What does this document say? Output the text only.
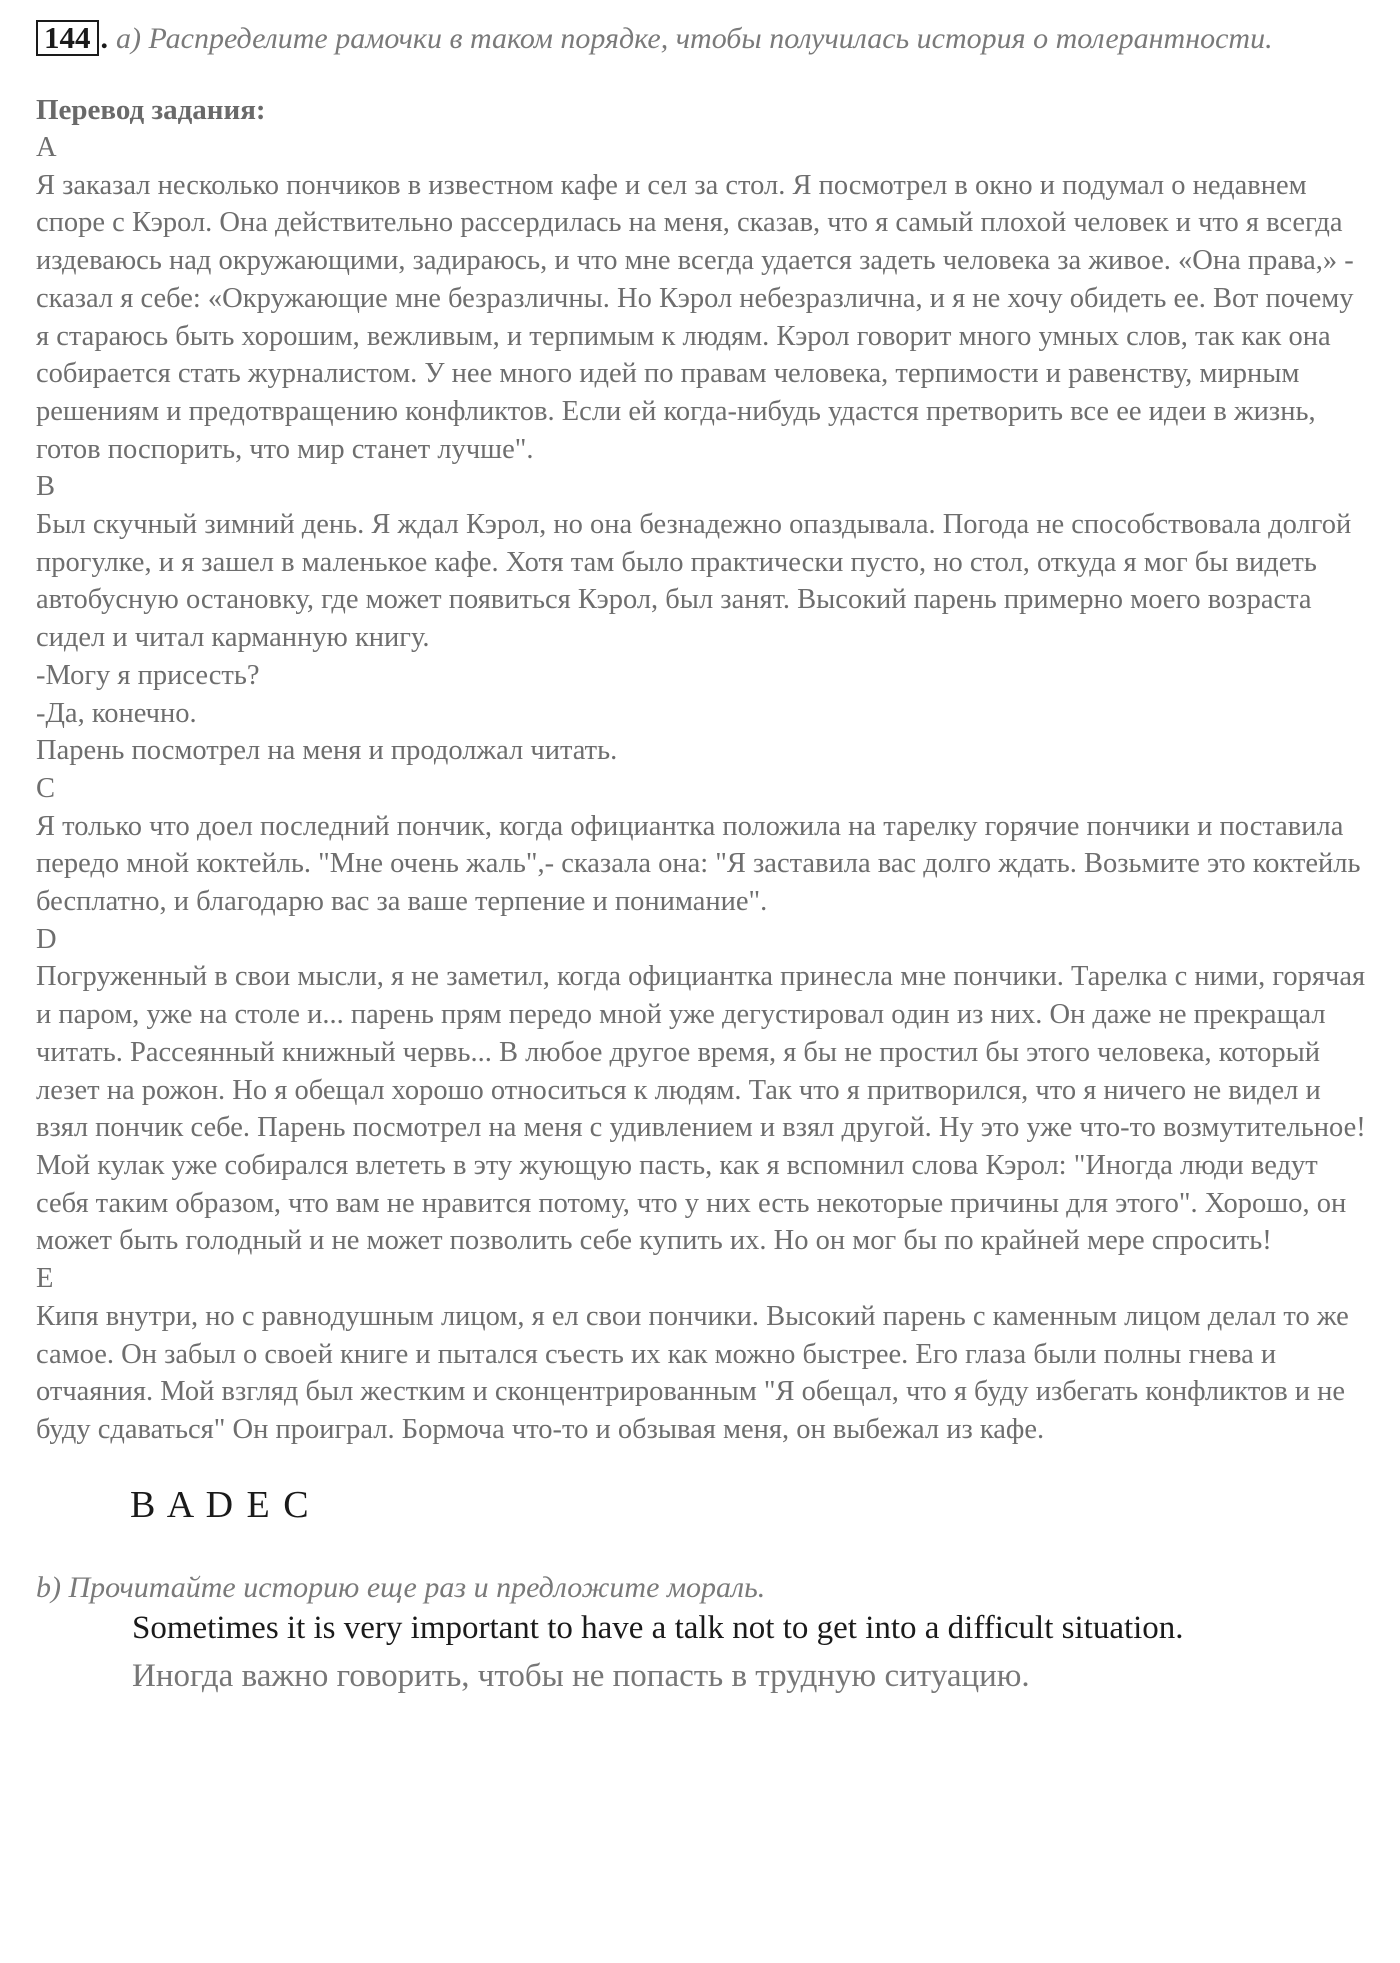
144 . a) Распределите рамочки в таком порядке, чтобы получилась история о толерантности.

Перевод задания:

A

Я заказал несколько пончиков в известном кафе и сел за стол. Я посмотрел в окно и подумал о недавнем споре с Кэрол. Она действительно рассердилась на меня, сказав, что я самый плохой человек и что я всегда издеваюсь над окружающими, задираюсь, и что мне всегда удается задеть человека за живое. «Она права,» - сказал я себе: «Окружающие мне безразличны. Но Кэрол небезразлична, и я не хочу обидеть ее. Вот почему я стараюсь быть хорошим, вежливым, и терпимым к людям. Кэрол говорит много умных слов, так как она собирается стать журналистом. У нее много идей по правам человека, терпимости и равенству, мирным решениям и предотвращению конфликтов. Если ей когда-нибудь удастся претворить все ее идеи в жизнь, готов поспорить, что мир станет лучше".

B

Был скучный зимний день. Я ждал Кэрол, но она безнадежно опаздывала. Погода не способствовала долгой прогулке, и я зашел в маленькое кафе. Хотя там было практически пусто, но стол, откуда я мог бы видеть автобусную остановку, где может появиться Кэрол, был занят. Высокий парень примерно моего возраста сидел и читал карманную книгу.
-Могу я присесть?
-Да, конечно.
Парень посмотрел на меня и продолжал читать.

C

Я только что доел последний пончик, когда официантка положила на тарелку горячие пончики и поставила передо мной коктейль. "Мне очень жаль",- сказала она: "Я заставила вас долго ждать. Возьмите это коктейль бесплатно, и благодарю вас за ваше терпение и понимание".

D

Погруженный в свои мысли, я не заметил, когда официантка принесла мне пончики. Тарелка с ними, горячая и паром, уже на столе и... парень прям передо мной уже дегустировал один из них. Он даже не прекращал читать. Рассеянный книжный червь... В любое другое время, я бы не простил бы этого человека, который лезет на рожон. Но я обещал хорошо относиться к людям. Так что я притворился, что я ничего не видел и взял пончик себе. Парень посмотрел на меня с удивлением и взял другой. Ну это уже что-то возмутительное! Мой кулак уже собирался влететь в эту жующую пасть, как я вспомнил слова Кэрол: "Иногда люди ведут себя таким образом, что вам не нравится потому, что у них есть некоторые причины для этого". Хорошо, он может быть голодный и не может позволить себе купить их. Но он мог бы по крайней мере спросить!

E

Кипя внутри, но с равнодушным лицом, я ел свои пончики. Высокий парень с каменным лицом делал то же самое. Он забыл о своей книге и пытался съесть их как можно быстрее. Его глаза были полны гнева и отчаяния. Мой взгляд был жестким и сконцентрированным "Я обещал, что я буду избегать конфликтов и не буду сдаваться" Он проиграл. Бормоча что-то и обзывая меня, он выбежал из кафе.

B A D E C

b) Прочитайте историю еще раз и предложите мораль.

Sometimes it is very important to have a talk not to get into a difficult situation.

Иногда важно говорить, чтобы не попасть в трудную ситуацию.
